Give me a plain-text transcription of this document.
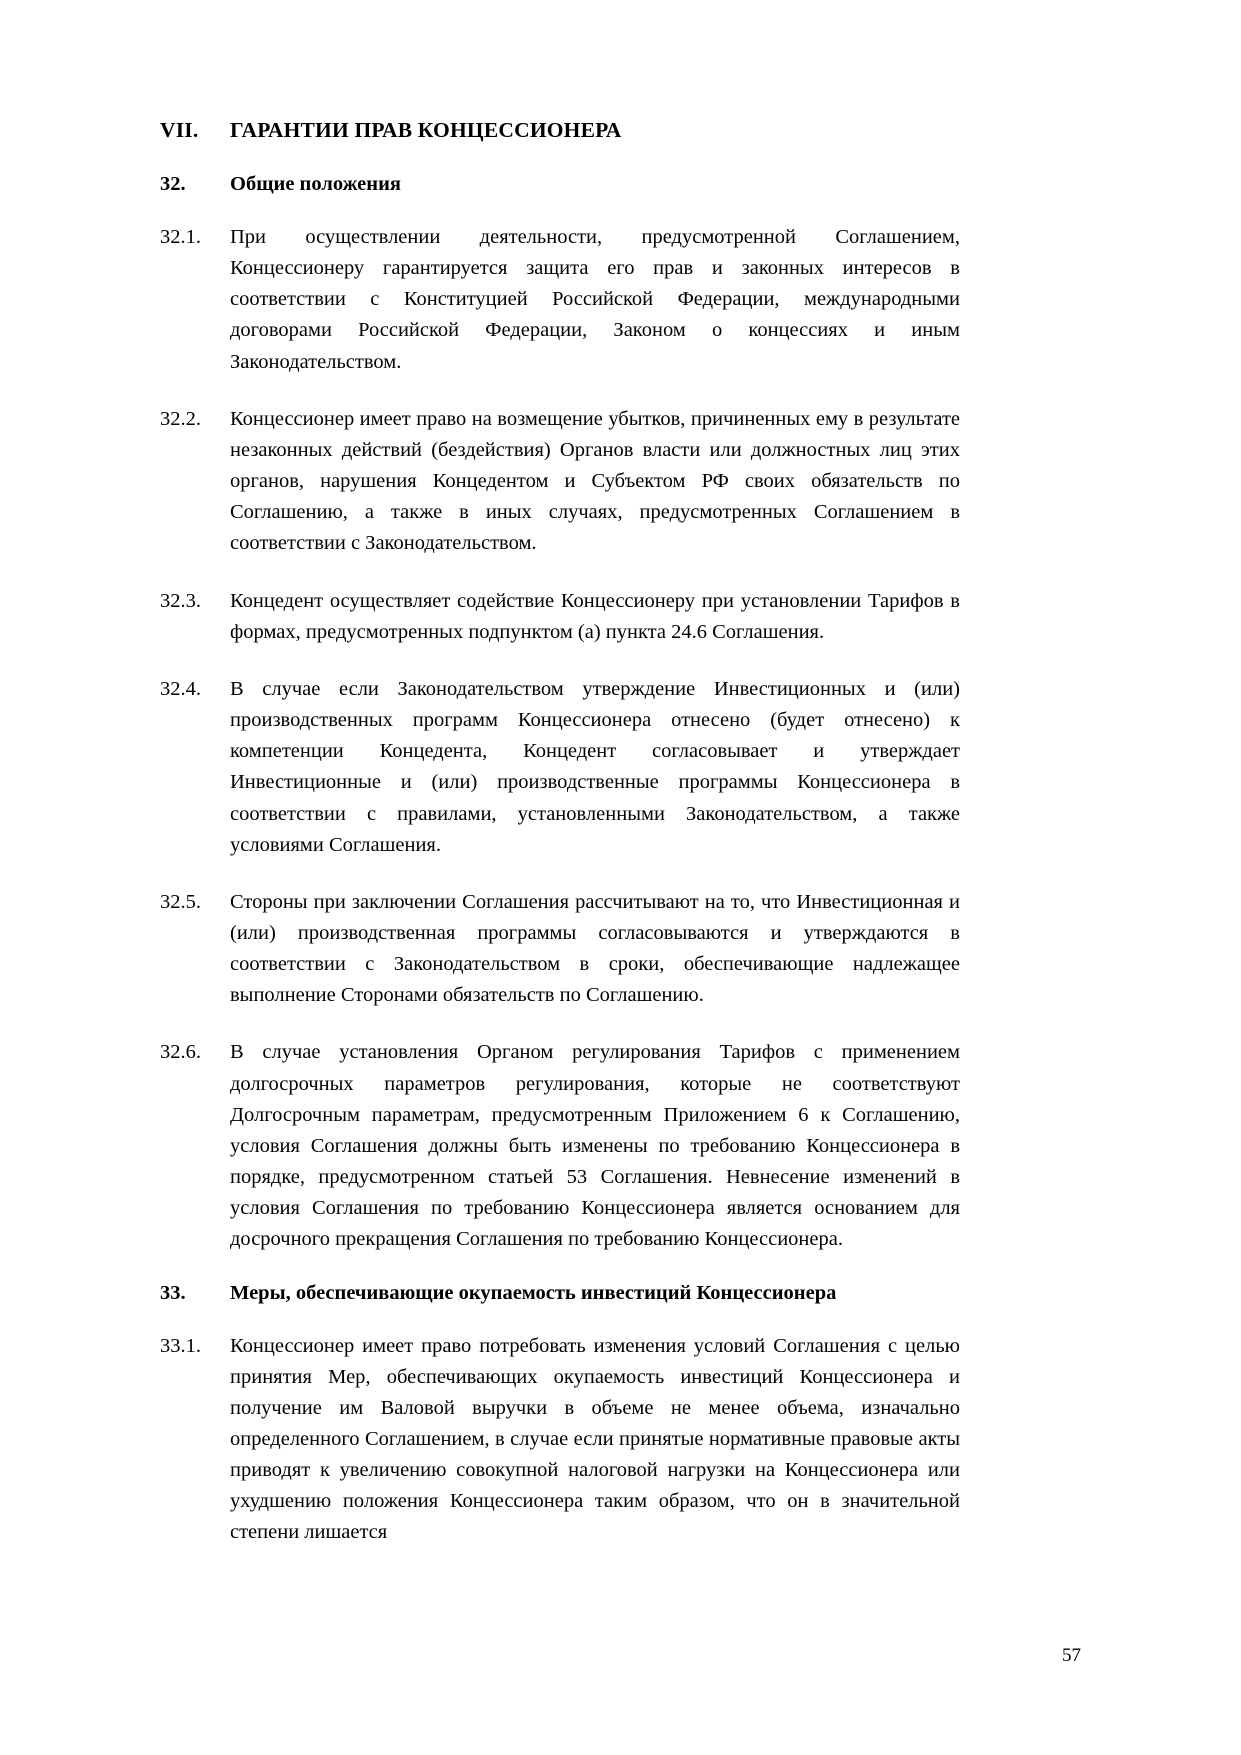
VII.	ГАРАНТИИ ПРАВ КОНЦЕССИОНЕРА
32.	Общие положения
32.1.	При осуществлении деятельности, предусмотренной Соглашением, Концессионеру гарантируется защита его прав и законных интересов в соответствии с Конституцией Российской Федерации, международными договорами Российской Федерации, Законом о концессиях и иным Законодательством.
32.2.	Концессионер имеет право на возмещение убытков, причиненных ему в результате незаконных действий (бездействия) Органов власти или должностных лиц этих органов, нарушения Концедентом и Субъектом РФ своих обязательств по Соглашению, а также в иных случаях, предусмотренных Соглашением в соответствии с Законодательством.
32.3.	Концедент осуществляет содействие Концессионеру при установлении Тарифов в формах, предусмотренных подпунктом (a) пункта 24.6 Соглашения.
32.4.	В случае если Законодательством утверждение Инвестиционных и (или) производственных программ Концессионера отнесено (будет отнесено) к компетенции Концедента, Концедент согласовывает и утверждает Инвестиционные и (или) производственные программы Концессионера в соответствии с правилами, установленными Законодательством, а также условиями Соглашения.
32.5.	Стороны при заключении Соглашения рассчитывают на то, что Инвестиционная и (или) производственная программы согласовываются и утверждаются в соответствии с Законодательством в сроки, обеспечивающие надлежащее выполнение Сторонами обязательств по Соглашению.
32.6.	В случае установления Органом регулирования Тарифов с применением долгосрочных параметров регулирования, которые не соответствуют Долгосрочным параметрам, предусмотренным Приложением 6 к Соглашению, условия Соглашения должны быть изменены по требованию Концессионера в порядке, предусмотренном статьей 53 Соглашения. Невнесение изменений в условия Соглашения по требованию Концессионера является основанием для досрочного прекращения Соглашения по требованию Концессионера.
33.	Меры, обеспечивающие окупаемость инвестиций Концессионера
33.1.	Концессионер имеет право потребовать изменения условий Соглашения с целью принятия Мер, обеспечивающих окупаемость инвестиций Концессионера и получение им Валовой выручки в объеме не менее объема, изначально определенного Соглашением, в случае если принятые нормативные правовые акты приводят к увеличению совокупной налоговой нагрузки на Концессионера или ухудшению положения Концессионера таким образом, что он в значительной степени лишается
57
